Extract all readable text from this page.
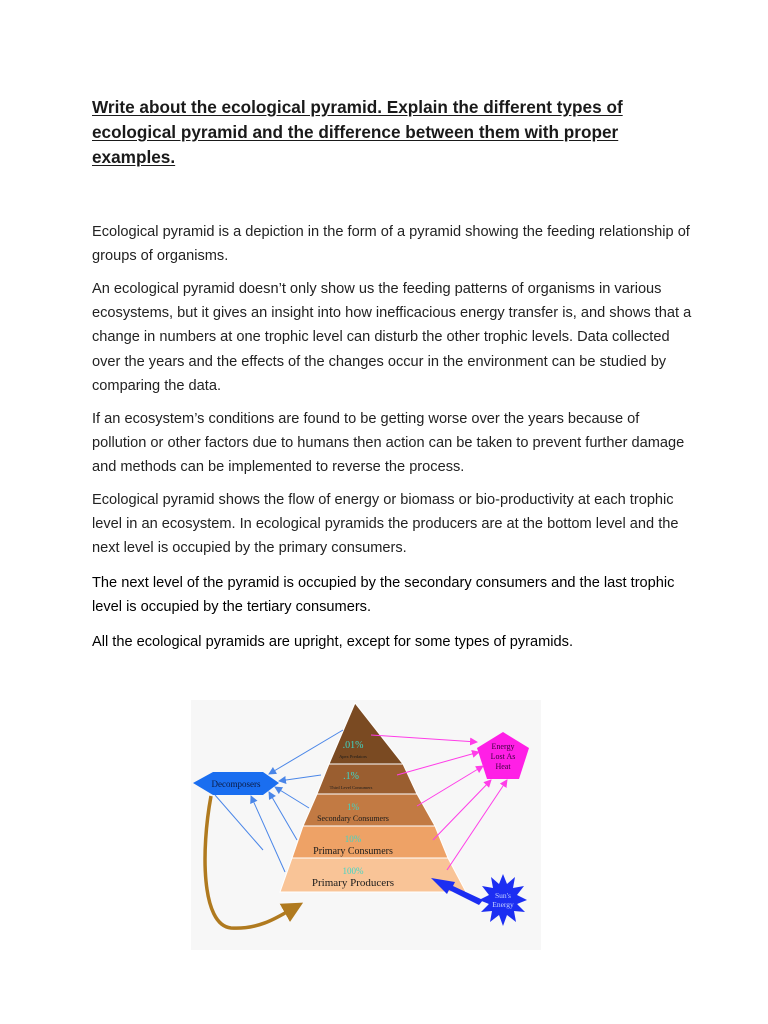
Write about the ecological pyramid. Explain the different types of ecological pyramid and the difference between them with proper examples.

Ecological pyramid is a depiction in the form of a pyramid showing the feeding relationship of groups of organisms.

An ecological pyramid doesn’t only show us the feeding patterns of organisms in various ecosystems, but it gives an insight into how inefficacious energy transfer is, and shows that a change in numbers at one trophic level can disturb the other trophic levels. Data collected over the years and the effects of the changes occur in the environment can be studied by comparing the data.

If an ecosystem’s conditions are found to be getting worse over the years because of pollution or other factors due to humans then action can be taken to prevent further damage and methods can be implemented to reverse the process.

Ecological pyramid shows the flow of energy or biomass or bio-productivity at each trophic level in an ecosystem. In ecological pyramids the producers are at the bottom level and the next level is occupied by the primary consumers.

The next level of the pyramid is occupied by the secondary consumers and the last trophic level is occupied by the tertiary consumers.

All the ecological pyramids are upright, except for some types of pyramids.

.01%
Apex Predators
.1%
Third Level Consumers
1%
Secondary Consumers
10%
Primary Consumers
100%
Primary Producers
Decomposers
Energy
Lost As
Heat
Sun's
Energy
